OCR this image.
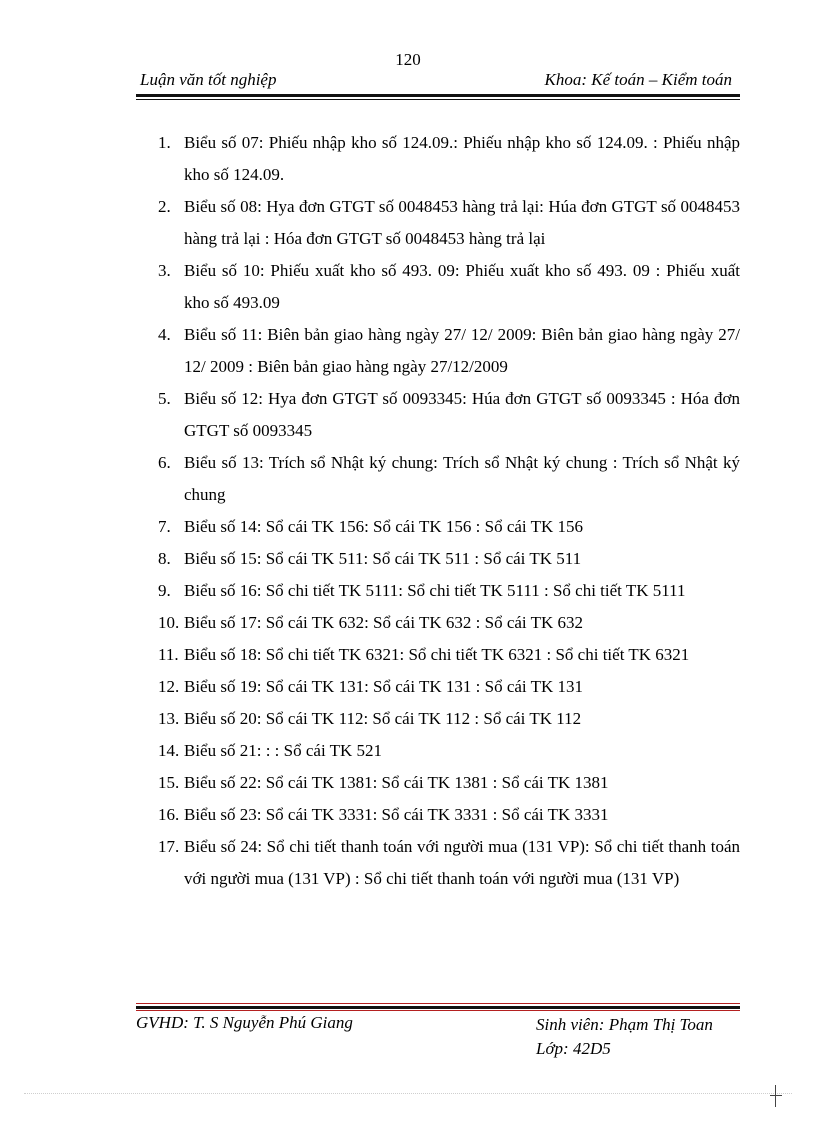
120
Luận văn tốt nghiệp	Khoa: Kế toán – Kiểm toán
1. Biểu số 07: Phiếu nhập kho số 124.09.: Phiếu nhập kho số 124.09. : Phiếu nhập kho số 124.09.
2. Biểu số 08: Hya đơn GTGT số 0048453 hàng trả lại: Húa đơn GTGT số 0048453 hàng trả lại : Hóa đơn GTGT số 0048453 hàng trả lại
3. Biểu số 10: Phiếu xuất kho số 493. 09: Phiếu xuất kho số 493. 09 : Phiếu xuất kho số 493.09
4. Biểu số 11: Biên bản giao hàng ngày 27/ 12/ 2009: Biên bản giao hàng ngày 27/ 12/ 2009 : Biên bản giao hàng ngày 27/12/2009
5. Biểu số 12: Hya đơn GTGT số 0093345: Húa đơn GTGT số 0093345 : Hóa đơn GTGT số 0093345
6. Biểu số 13: Trích sổ Nhật ký chung: Trích sổ Nhật ký chung : Trích sổ Nhật ký chung
7. Biểu số 14: Sổ cái TK 156: Sổ cái TK 156 : Sổ cái TK 156
8. Biểu số 15: Sổ cái TK 511: Sổ cái TK 511 : Sổ cái TK 511
9. Biểu số 16: Sổ chi tiết TK 5111: Sổ chi tiết TK 5111 : Sổ chi tiết TK 5111
10. Biểu số 17: Sổ cái TK 632: Sổ cái TK 632 : Sổ cái TK 632
11. Biểu số 18: Sổ chi tiết TK 6321: Sổ chi tiết TK 6321 : Sổ chi tiết TK 6321
12. Biểu số 19: Sổ cái TK 131: Sổ cái TK 131 : Sổ cái TK 131
13. Biểu số 20: Sổ cái TK 112: Sổ cái TK 112 : Sổ cái TK 112
14. Biểu số 21: : : Sổ cái TK 521
15. Biểu số 22: Sổ cái TK 1381: Sổ cái TK 1381 : Sổ cái TK 1381
16. Biểu số 23: Sổ cái TK 3331: Sổ cái TK 3331 : Sổ cái TK 3331
17. Biểu số 24: Sổ chi tiết thanh toán với người mua (131 VP): Sổ chi tiết thanh toán với người mua (131 VP) : Sổ chi tiết thanh toán với người mua (131 VP)
GVHD: T. S Nguyễn Phú Giang	Sinh viên: Phạm Thị Toan
Lớp: 42D5
